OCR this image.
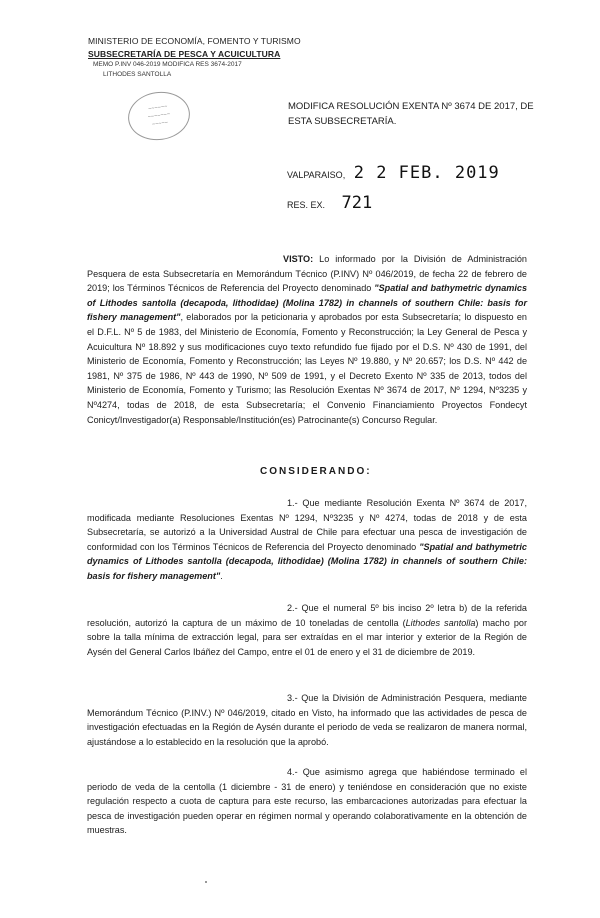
MINISTERIO DE ECONOMÍA, FOMENTO Y TURISMO
SUBSECRETARÍA DE PESCA Y ACUICULTURA
MEMO P.INV 046-2019 MODIFICA RES 3674-2017
LITHODES SANTOLLA
~~~~~~
~~~~~~~
~~~~~
MODIFICA RESOLUCIÓN EXENTA Nº 3674 DE 2017, DE ESTA SUBSECRETARÍA.
VALPARAISO, 2 2 FEB. 2019
RES. EX. 721
VISTO: Lo informado por la División de Administración Pesquera de esta Subsecretaría en Memorándum Técnico (P.INV) Nº 046/2019, de fecha 22 de febrero de 2019; los Términos Técnicos de Referencia del Proyecto denominado "Spatial and bathymetric dynamics of Lithodes santolla (decapoda, lithodidae) (Molina 1782) in channels of southern Chile: basis for fishery management", elaborados por la peticionaria y aprobados por esta Subsecretaría; lo dispuesto en el D.F.L. Nº 5 de 1983, del Ministerio de Economía, Fomento y Reconstrucción; la Ley General de Pesca y Acuicultura Nº 18.892 y sus modificaciones cuyo texto refundido fue fijado por el D.S. Nº 430 de 1991, del Ministerio de Economía, Fomento y Reconstrucción; las Leyes Nº 19.880, y Nº 20.657; los D.S. Nº 442 de 1981, Nº 375 de 1986, Nº 443 de 1990, Nº 509 de 1991, y el Decreto Exento Nº 335 de 2013, todos del Ministerio de Economía, Fomento y Turismo; las Resolución Exentas Nº 3674 de 2017, Nº 1294, Nº3235 y Nº4274, todas de 2018, de esta Subsecretaría; el Convenio Financiamiento Proyectos Fondecyt Conicyt/Investigador(a) Responsable/Institución(es) Patrocinante(s) Concurso Regular.
CONSIDERANDO:
1.- Que mediante Resolución Exenta Nº 3674 de 2017, modificada mediante Resoluciones Exentas Nº 1294, Nº3235 y Nº 4274, todas de 2018 y de esta Subsecretaría, se autorizó a la Universidad Austral de Chile para efectuar una pesca de investigación de conformidad con los Términos Técnicos de Referencia del Proyecto denominado "Spatial and bathymetric dynamics of Lithodes santolla (decapoda, lithodidae) (Molina 1782) in channels of southern Chile: basis for fishery management".
2.- Que el numeral 5º bis inciso 2º letra b) de la referida resolución, autorizó la captura de un máximo de 10 toneladas de centolla (Lithodes santolla) macho por sobre la talla mínima de extracción legal, para ser extraídas en el mar interior y exterior de la Región de Aysén del General Carlos Ibáñez del Campo, entre el 01 de enero y el 31 de diciembre de 2019.
3.- Que la División de Administración Pesquera, mediante Memorándum Técnico (P.INV.) Nº 046/2019, citado en Visto, ha informado que las actividades de pesca de investigación efectuadas en la Región de Aysén durante el periodo de veda se realizaron de manera normal, ajustándose a lo establecido en la resolución que la aprobó.
4.- Que asimismo agrega que habiéndose terminado el periodo de veda de la centolla (1 diciembre - 31 de enero) y teniéndose en consideración que no existe regulación respecto a cuota de captura para este recurso, las embarcaciones autorizadas para efectuar la pesca de investigación pueden operar en régimen normal y operando colaborativamente en la obtención de muestras.
